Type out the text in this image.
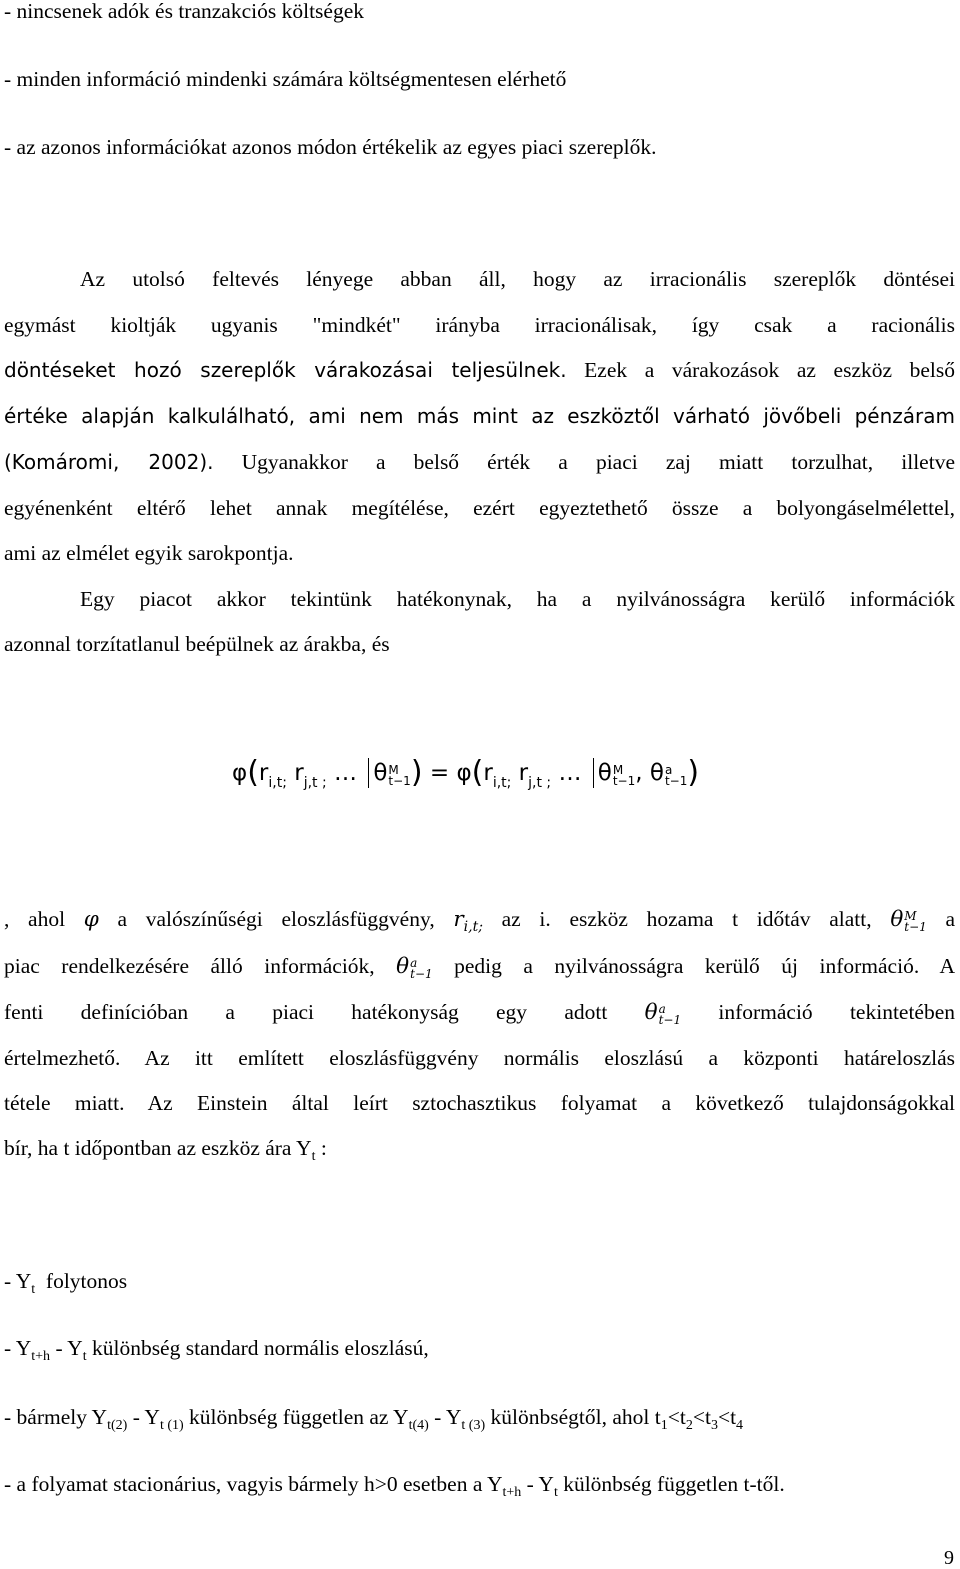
- nincsenek adók és tranzakciós költségek
- minden információ mindenki számára költségmentesen elérhető
- az azonos információkat azonos módon értékelik az egyes piaci szereplők.
Az utolsó feltevés lényege abban áll, hogy az irracionális szereplők döntései
egymást kioltják ugyanis "mindkét" irányba irracionálisak, így csak a racionális
döntéseket hozó szereplők várakozásai teljesülnek. Ezek a várakozások az eszköz belső
értéke alapján kalkulálható, ami nem más mint az eszköztől várható jövőbeli pénzáram
(Komáromi, 2002). Ugyanakkor a belső érték a piaci zaj miatt torzulhat, illetve
egyénenként eltérő lehet annak megítélése, ezért egyeztethető össze a bolyongáselmélettel,
ami az elmélet egyik sarokpontja.
Egy piacot akkor tekintünk hatékonynak, ha a nyilvánosságra kerülő információk
azonnal torzítatlanul beépülnek az árakba, és
$\varphi(r_{i,t;}$ $r_{j,t ;}$ … θ M
t−1 ) = $\varphi(r_{i,t;}$ $r_{j,t ;}$ … θ M
t−1 , θ a
t−1 )
, ahol φ a valószínűségi eloszlásfüggvény, $r_{i,t;}$ az i. eszköz hozama t időtáv alatt, θ M
t−1 a
piac rendelkezésére álló információk, θ a
t−1 pedig a nyilvánosságra kerülő új információ. A
fenti definícióban a piaci hatékonyság egy adott θ a
t−1 információ tekintetében
értelmezhető. Az itt említett eloszlásfüggvény normális eloszlású a központi határeloszlás
tétele miatt. Az Einstein által leírt sztochasztikus folyamat a következő tulajdonságokkal
bír, ha t időpontban az eszköz ára $Y_t$ :
- $Y_t$ folytonos
- $Y_{t+h} - Y_t$ különbség standard normális eloszlású,
- bármely $Y_{t(2)} - Y_{t (1)}$ különbség független az $Y_{t(4)} - Y_{t (3)}$ különbségtől, ahol $t_1<t_2<t_3<t_4$
- a folyamat stacionárius, vagyis bármely h>0 esetben a $Y_{t+h} - Y_t$ különbség független t-től.
9
